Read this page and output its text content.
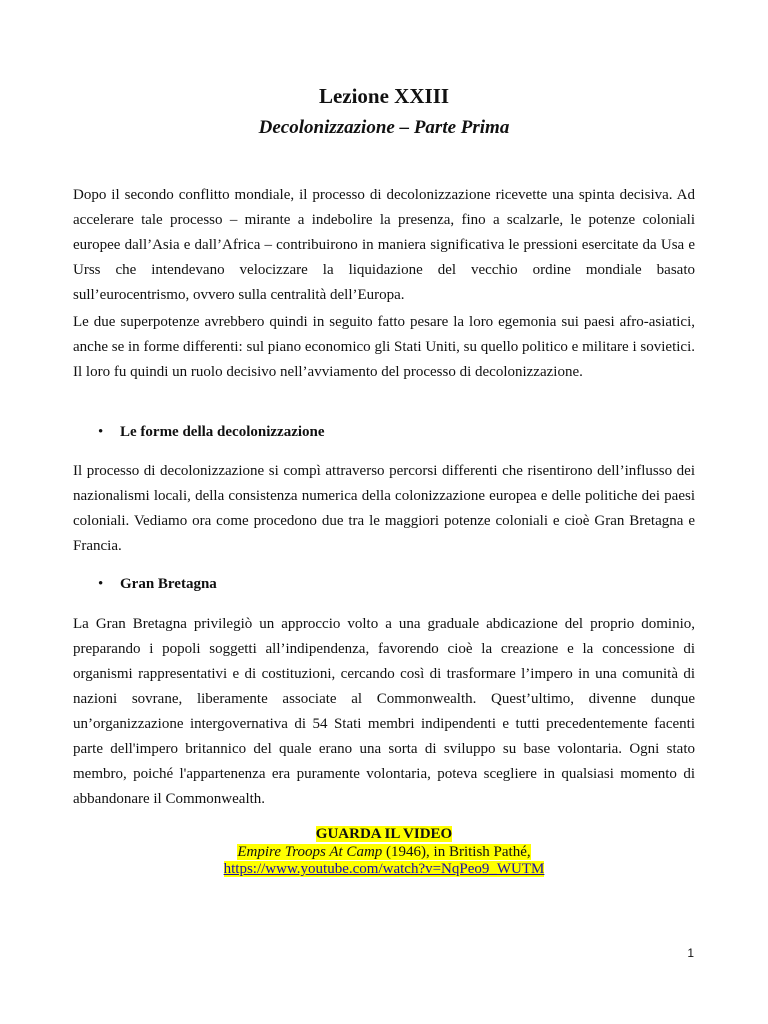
Lezione XXIII
Decolonizzazione – Parte Prima

Dopo il secondo conflitto mondiale, il processo di decolonizzazione ricevette una spinta decisiva. Ad accelerare tale processo – mirante a indebolire la presenza, fino a scalzarle, le potenze coloniali europee dall’Asia e dall’Africa – contribuirono in maniera significativa le pressioni esercitate da Usa e Urss che intendevano velocizzare la liquidazione del vecchio ordine mondiale basato sull’eurocentrismo, ovvero sulla centralità dell’Europa.

Le due superpotenze avrebbero quindi in seguito fatto pesare la loro egemonia sui paesi afro-asiatici, anche se in forme differenti: sul piano economico gli Stati Uniti, su quello politico e militare i sovietici. Il loro fu quindi un ruolo decisivo nell’avviamento del processo di decolonizzazione.

• Le forme della decolonizzazione

Il processo di decolonizzazione si compì attraverso percorsi differenti che risentirono dell’influsso dei nazionalismi locali, della consistenza numerica della colonizzazione europea e delle politiche dei paesi coloniali. Vediamo ora come procedono due tra le maggiori potenze coloniali e cioè Gran Bretagna e Francia.

• Gran Bretagna

La Gran Bretagna privilegiò un approccio volto a una graduale abdicazione del proprio dominio, preparando i popoli soggetti all’indipendenza, favorendo cioè la creazione e la concessione di organismi rappresentativi e di costituzioni, cercando così di trasformare l’impero in una comunità di nazioni sovrane, liberamente associate al Commonwealth. Quest’ultimo, divenne dunque un’organizzazione intergovernativa di 54 Stati membri indipendenti e tutti precedentemente facenti parte dell'impero britannico del quale erano una sorta di sviluppo su base volontaria. Ogni stato membro, poiché l'appartenenza era puramente volontaria, poteva scegliere in qualsiasi momento di abbandonare il Commonwealth.

GUARDA IL VIDEO
Empire Troops At Camp (1946), in British Pathé,
https://www.youtube.com/watch?v=NqPeo9_WUTM
1
